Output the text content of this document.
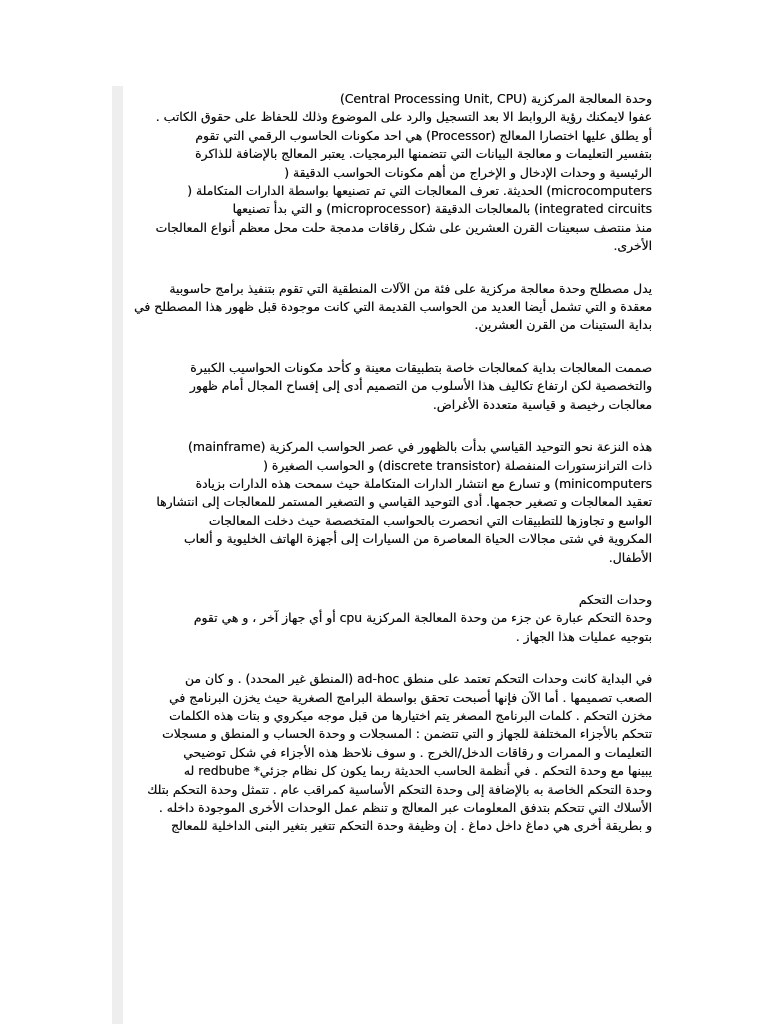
وحدة المعالجة المركزية (Central Processing Unit, CPU)
عفوا لايمكنك رؤية الروابط الا بعد التسجيل والرد على الموضوع وذلك للحفاظ على حقوق الكاتب .
أو يطلق عليها اختصارا المعالج (Processor) هي احد مكونات الحاسوب الرقمي التي تقوم
بتفسير التعليمات و معالجة البيانات التي تتضمنها البرمجيات. يعتبر المعالج بالإضافة للذاكرة
الرئيسية و وحدات الإدخال و الإخراج من أهم مكونات الحواسب الدقيقة (
microcomputers) الحديثة. تعرف المعالجات التي تم تصنيعها بواسطة الدارات المتكاملة (
integrated circuits) بالمعالجات الدقيقة (microprocessor) و التي بدأ تصنيعها
منذ منتصف سبعينات القرن العشرين على شكل رقاقات مدمجة حلت محل معظم أنواع المعالجات
الأخرى.

يدل مصطلح وحدة معالجة مركزية على فئة من الآلات المنطقية التي تقوم بتنفيذ برامج حاسوبية
معقدة و التي تشمل أيضا العديد من الحواسب القديمة التي كانت موجودة قبل ظهور هذا المصطلح في
بداية الستينات من القرن العشرين.

صممت المعالجات بداية كمعالجات خاصة بتطبيقات معينة و كأحد مكونات الحواسيب الكبيرة
والتخصصية لكن ارتفاع تكاليف هذا الأسلوب من التصميم أدى إلى إفساح المجال أمام ظهور
معالجات رخيصة و قياسية متعددة الأغراض.

هذه النزعة نحو التوحيد القياسي بدأت بالظهور في عصر الحواسب المركزية (mainframe)
ذات الترانزستورات المنفصلة (discrete transistor) و الحواسب الصغيرة (
minicomputers) و تسارع مع انتشار الدارات المتكاملة حيث سمحت هذه الدارات بزيادة
تعقيد المعالجات و تصغير حجمها. أدى التوحيد القياسي و التصغير المستمر للمعالجات إلى انتشارها
الواسع و تجاوزها للتطبيقات التي انحصرت بالحواسب المتخصصة حيث دخلت المعالجات
المكروية في شتى مجالات الحياة المعاصرة من السيارات إلى أجهزة الهاتف الخليوية و ألعاب
الأطفال.

وحدات التحكم
وحدة التحكم عبارة عن جزء من وحدة المعالجة المركزية cpu أو أي جهاز آخر ، و هي تقوم
بتوجيه عمليات هذا الجهاز .

في البداية كانت وحدات التحكم تعتمد على منطق ad-hoc (المنطق غير المحدد) . و كان من
الصعب تصميمها . أما الآن فإنها أصبحت تحقق بواسطة البرامج الصغرية حيث يخزن البرنامج في
مخزن التحكم . كلمات البرنامج المصغر يتم اختيارها من قبل موجه ميكروي و بتات هذه الكلمات
تتحكم بالأجزاء المختلفة للجهاز و التي تتضمن : المسجلات و وحدة الحساب و المنطق و مسجلات
التعليمات و الممرات و رقاقات الدخل/الخرج . و سوف نلاحظ هذه الأجزاء في شكل توضيحي
يبينها مع وحدة التحكم . في أنظمة الحاسب الحديثة ربما يكون كل نظام جزئي* redbube له
وحدة التحكم الخاصة به بالإضافة إلى وحدة التحكم الأساسية كمراقب عام . تتمثل وحدة التحكم بتلك
الأسلاك التي تتحكم بتدفق المعلومات عبر المعالج و تنظم عمل الوحدات الأخرى الموجودة داخله .
و بطريقة أخرى هي دماغ داخل دماغ . إن وظيفة وحدة التحكم تتغير بتغير البنى الداخلية للمعالج
